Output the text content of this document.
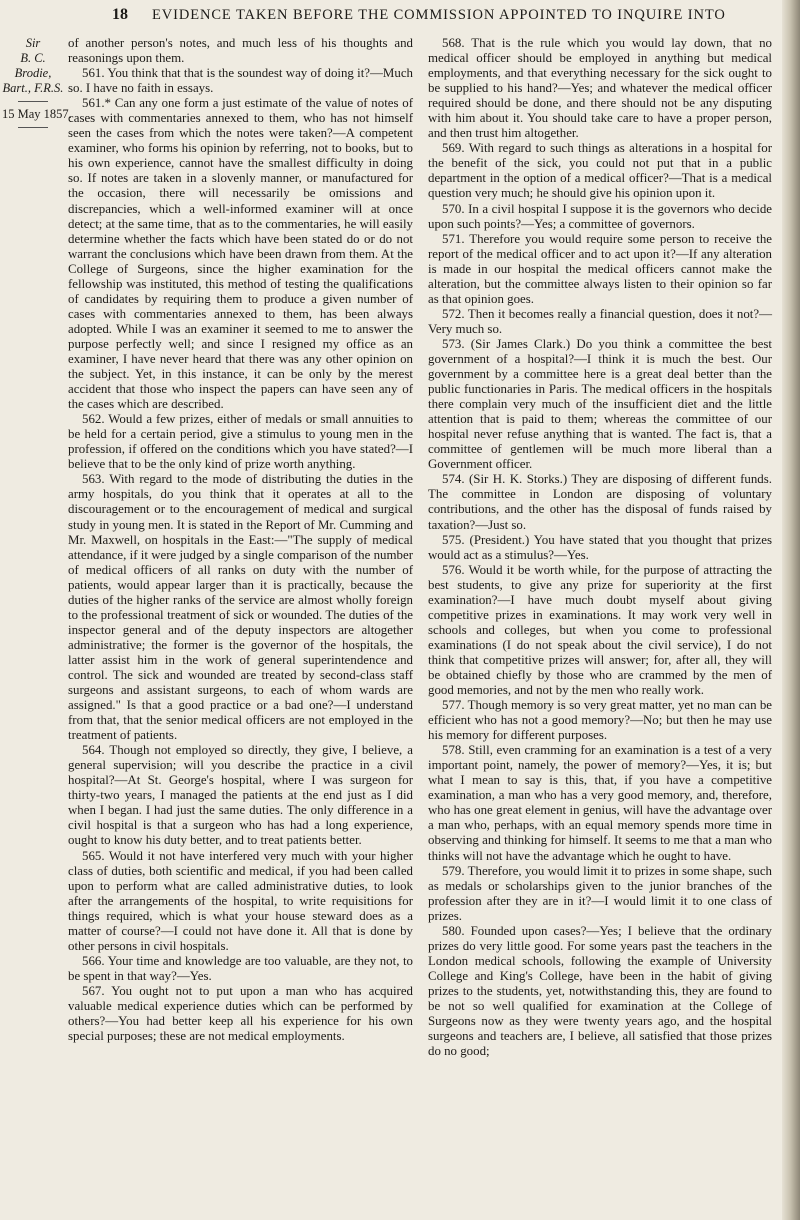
18 EVIDENCE TAKEN BEFORE THE COMMISSION APPOINTED TO INQUIRE INTO
Sir
B. C. Brodie,
Bart., F.R.S.
15 May 1857.

of another person's notes, and much less of his thoughts and reasonings upon them.

561. You think that that is the soundest way of doing it?—Much so. I have no faith in essays.

561.* Can any one form a just estimate of the value of notes of cases with commentaries annexed to them, who has not himself seen the cases from which the notes were taken?—A competent examiner, who forms his opinion by referring, not to books, but to his own experience, cannot have the smallest difficulty in doing so. If notes are taken in a slovenly manner, or manufactured for the occasion, there will necessarily be omissions and discrepancies, which a well-informed examiner will at once detect; at the same time, that as to the commentaries, he will easily determine whether the facts which have been stated do or do not warrant the conclusions which have been drawn from them. At the College of Surgeons, since the higher examination for the fellowship was instituted, this method of testing the qualifications of candidates by requiring them to produce a given number of cases with commentaries annexed to them, has been always adopted. While I was an examiner it seemed to me to answer the purpose perfectly well; and since I resigned my office as an examiner, I have never heard that there was any other opinion on the subject. Yet, in this instance, it can be only by the merest accident that those who inspect the papers can have seen any of the cases which are described.

562. Would a few prizes, either of medals or small annuities to be held for a certain period, give a stimulus to young men in the profession, if offered on the conditions which you have stated?—I believe that to be the only kind of prize worth anything.

563. With regard to the mode of distributing the duties in the army hospitals, do you think that it operates at all to the discouragement or to the encouragement of medical and surgical study in young men. It is stated in the Report of Mr. Cumming and Mr. Maxwell, on hospitals in the East:—"The supply of medical attendance, if it were judged by a single comparison of the number of medical officers of all ranks on duty with the number of patients, would appear larger than it is practically, because the duties of the higher ranks of the service are almost wholly foreign to the professional treatment of sick or wounded. The duties of the inspector general and of the deputy inspectors are altogether administrative; the former is the governor of the hospitals, the latter assist him in the work of general superintendence and control. The sick and wounded are treated by second-class staff surgeons and assistant surgeons, to each of whom wards are assigned." Is that a good practice or a bad one?—I understand from that, that the senior medical officers are not employed in the treatment of patients.

564. Though not employed so directly, they give, I believe, a general supervision; will you describe the practice in a civil hospital?—At St. George's hospital, where I was surgeon for thirty-two years, I managed the patients at the end just as I did when I began. I had just the same duties. The only difference in a civil hospital is that a surgeon who has had a long experience, ought to know his duty better, and to treat patients better.

565. Would it not have interfered very much with your higher class of duties, both scientific and medical, if you had been called upon to perform what are called administrative duties, to look after the arrangements of the hospital, to write requisitions for things required, which is what your house steward does as a matter of course?—I could not have done it. All that is done by other persons in civil hospitals.

566. Your time and knowledge are too valuable, are they not, to be spent in that way?—Yes.

567. You ought not to put upon a man who has acquired valuable medical experience duties which can be performed by others?—You had better keep all his experience for his own special purposes; these are not medical employments.

568. That is the rule which you would lay down, that no medical officer should be employed in anything but medical employments, and that everything necessary for the sick ought to be supplied to his hand?—Yes; and whatever the medical officer required should be done, and there should not be any disputing with him about it. You should take care to have a proper person, and then trust him altogether.

569. With regard to such things as alterations in a hospital for the benefit of the sick, you could not put that in a public department in the option of a medical officer?—That is a medical question very much; he should give his opinion upon it.

570. In a civil hospital I suppose it is the governors who decide upon such points?—Yes; a committee of governors.

571. Therefore you would require some person to receive the report of the medical officer and to act upon it?—If any alteration is made in our hospital the medical officers cannot make the alteration, but the committee always listen to their opinion so far as that opinion goes.

572. Then it becomes really a financial question, does it not?—Very much so.

573. (Sir James Clark.) Do you think a committee the best government of a hospital?—I think it is much the best. Our government by a committee here is a great deal better than the public functionaries in Paris. The medical officers in the hospitals there complain very much of the insufficient diet and the little attention that is paid to them; whereas the committee of our hospital never refuse anything that is wanted. The fact is, that a committee of gentlemen will be much more liberal than a Government officer.

574. (Sir H. K. Storks.) They are disposing of different funds. The committee in London are disposing of voluntary contributions, and the other has the disposal of funds raised by taxation?—Just so.

575. (President.) You have stated that you thought that prizes would act as a stimulus?—Yes.

576. Would it be worth while, for the purpose of attracting the best students, to give any prize for superiority at the first examination?—I have much doubt myself about giving competitive prizes in examinations. It may work very well in schools and colleges, but when you come to professional examinations (I do not speak about the civil service), I do not think that competitive prizes will answer; for, after all, they will be obtained chiefly by those who are crammed by the men of good memories, and not by the men who really work.

577. Though memory is so very great matter, yet no man can be efficient who has not a good memory?—No; but then he may use his memory for different purposes.

578. Still, even cramming for an examination is a test of a very important point, namely, the power of memory?—Yes, it is; but what I mean to say is this, that, if you have a competitive examination, a man who has a very good memory, and, therefore, who has one great element in genius, will have the advantage over a man who, perhaps, with an equal memory spends more time in observing and thinking for himself. It seems to me that a man who thinks will not have the advantage which he ought to have.

579. Therefore, you would limit it to prizes in some shape, such as medals or scholarships given to the junior branches of the profession after they are in it?—I would limit it to one class of prizes.

580. Founded upon cases?—Yes; I believe that the ordinary prizes do very little good. For some years past the teachers in the London medical schools, following the example of University College and King's College, have been in the habit of giving prizes to the students, yet, notwithstanding this, they are found to be not so well qualified for examination at the College of Surgeons now as they were twenty years ago, and the hospital surgeons and teachers are, I believe, all satisfied that those prizes do no good;
